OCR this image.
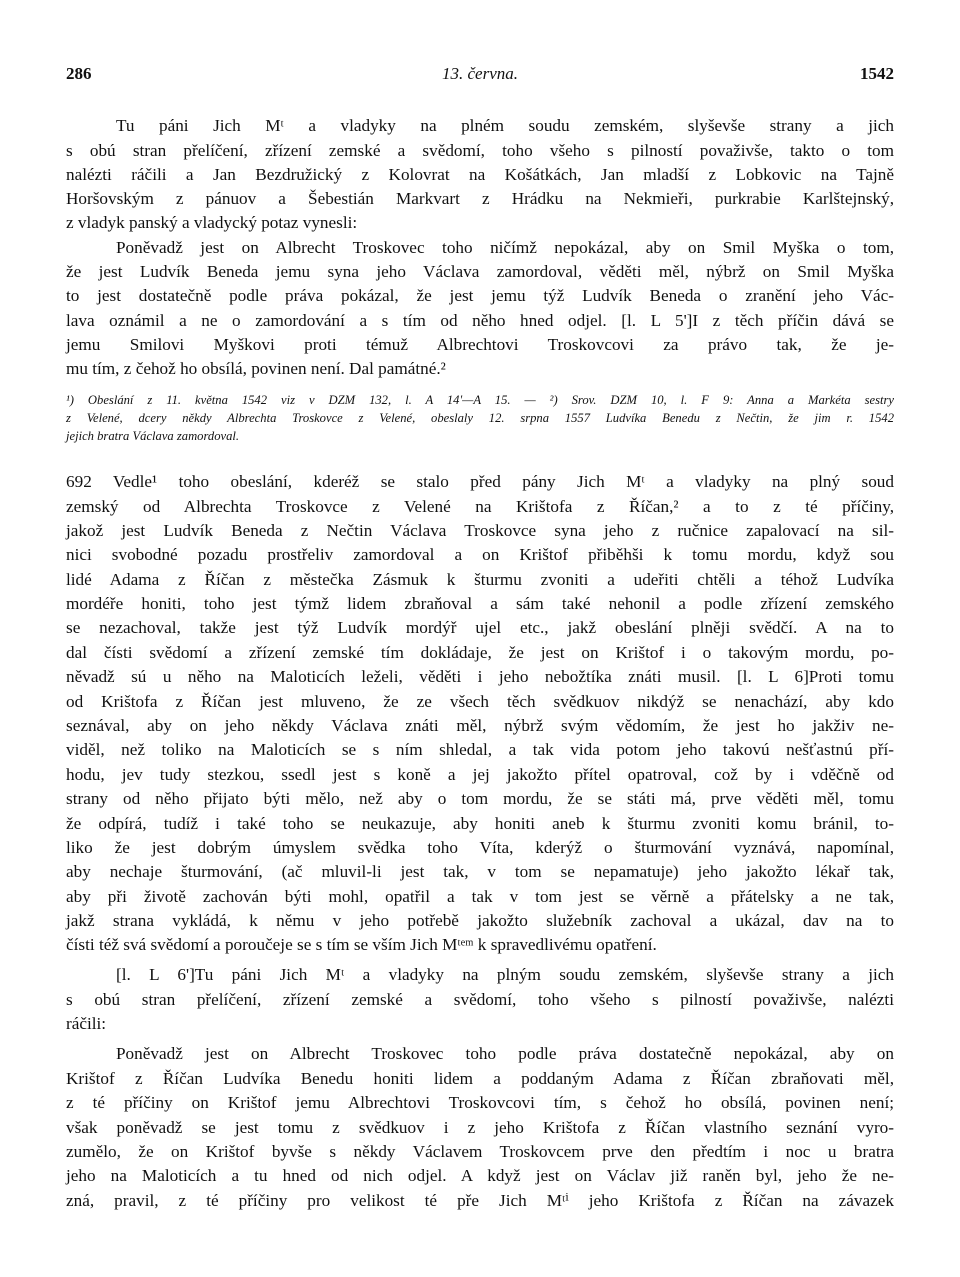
286	13. června.	1542
Tu páni Jich Mᵗ a vladyky na plném soudu zemském, slyševše strany a jich
s obú stran přelíčení, zřízení zemské a svědomí, toho všeho s pilností považivše, takto o tom
nalézti ráčili a Jan Bezdružický z Kolovrat na Košátkách, Jan mladší z Lobkovic na Tajně
Horšovským z pánuov a Šebestián Markvart z Hrádku na Nekmieři, purkrabie Karlštejnský,
z vladyk panský a vladycký potaz vynesli:
Poněvadž jest on Albrecht Troskovec toho ničímž nepokázal, aby on Smil Myška o tom,
že jest Ludvík Beneda jemu syna jeho Václava zamordoval, věděti měl, nýbrž on Smil Myška
to jest dostatečně podle práva pokázal, že jest jemu týž Ludvík Beneda o zranění jeho Vác-
lava oznámil a ne o zamordování a s tím od něho hned odjel. [l. L 5']I z těch příčin dává se
jemu Smilovi Myškovi proti témuž Albrechtovi Troskovcovi za právo tak, že je-
mu tím, z čehož ho obsílá, povinen není. Dal památné.²
¹) Obeslání z 11. května 1542 viz v DZM 132, l. A 14'—A 15. — ²) Srov. DZM 10, l. F 9: Anna a Markéta sestry
z Velené, dcery někdy Albrechta Troskovce z Velené, obeslaly 12. srpna 1557 Ludvíka Benedu z Nečtin, že jim r. 1542
jejich bratra Václava zamordoval.
692 Vedle¹ toho obeslání, kderéž se stalo před pány Jich Mᵗ a vladyky na plný soud
zemský od Albrechta Troskovce z Velené na Krištofa z Říčan,² a to z té příčiny,
jakož jest Ludvík Beneda z Nečtin Václava Troskovce syna jeho z ručnice zapalovací na sil-
nici svobodné pozadu prostřeliv zamordoval a on Krištof přiběhši k tomu mordu, když sou
lidé Adama z Říčan z městečka Zásmuk k šturmu zvoniti a udeřiti chtěli a téhož Ludvíka
mordéře honiti, toho jest týmž lidem zbraňoval a sám také nehonil a podle zřízení zemského
se nezachoval, takže jest týž Ludvík mordýř ujel etc., jakž obeslání plněji svědčí. A na to
dal čísti svědomí a zřízení zemské tím dokládaje, že jest on Krištof i o takovým mordu, po-
něvadž sú u něho na Maloticích leželi, věděti i jeho nebožtíka znáti musil. [l. L 6]Proti tomu
od Krištofa z Říčan jest mluveno, že ze všech těch svědkuov nikdýž se nenachází, aby kdo
seznával, aby on jeho někdy Václava znáti měl, nýbrž svým vědomím, že jest ho jakživ ne-
viděl, než toliko na Maloticích se s ním shledal, a tak vida potom jeho takovú nešťastnú pří-
hodu, jev tudy stezkou, ssedl jest s koně a jej jakožto přítel opatroval, což by i vděčně od
strany od něho přijato býti mělo, než aby o tom mordu, že se státi má, prve věděti měl, tomu
že odpírá, tudíž i také toho se neukazuje, aby honiti aneb k šturmu zvoniti komu bránil, to-
liko že jest dobrým úmyslem svědka toho Víta, kderýž o šturmování vyznává, napomínal,
aby nechaje šturmování, (ač mluvil-li jest tak, v tom se nepamatuje) jeho jakožto lékař tak,
aby při životě zachován býti mohl, opatřil a tak v tom jest se věrně a přátelsky a ne tak,
jakž strana vykládá, k němu v jeho potřebě jakožto služebník zachoval a ukázal, dav na to
čísti též svá svědomí a poroučeje se s tím se vším Jich Mᵗᵉᵐ k spravedlivému opatření.
[l. L 6']Tu páni Jich Mᵗ a vladyky na plným soudu zemském, slyševše strany a jich
s obú stran přelíčení, zřízení zemské a svědomí, toho všeho s pilností považivše, nalézti
ráčili:
Poněvadž jest on Albrecht Troskovec toho podle práva dostatečně nepokázal, aby on
Krištof z Říčan Ludvíka Benedu honiti lidem a poddaným Adama z Říčan zbraňovati měl,
z té příčiny on Krištof jemu Albrechtovi Troskovcovi tím, s čehož ho obsílá, povinen není;
však poněvadž se jest tomu z svědkuov i z jeho Krištofa z Říčan vlastního seznání vyro-
zumělo, že on Krištof byvše s někdy Václavem Troskovcem prve den předtím i noc u bratra
jeho na Maloticích a tu hned od nich odjel. A když jest on Václav již raněn byl, jeho že ne-
zná, pravil, z té příčiny pro velikost té pře Jich Mᵗⁱ jeho Krištofa z Říčan na závazek
